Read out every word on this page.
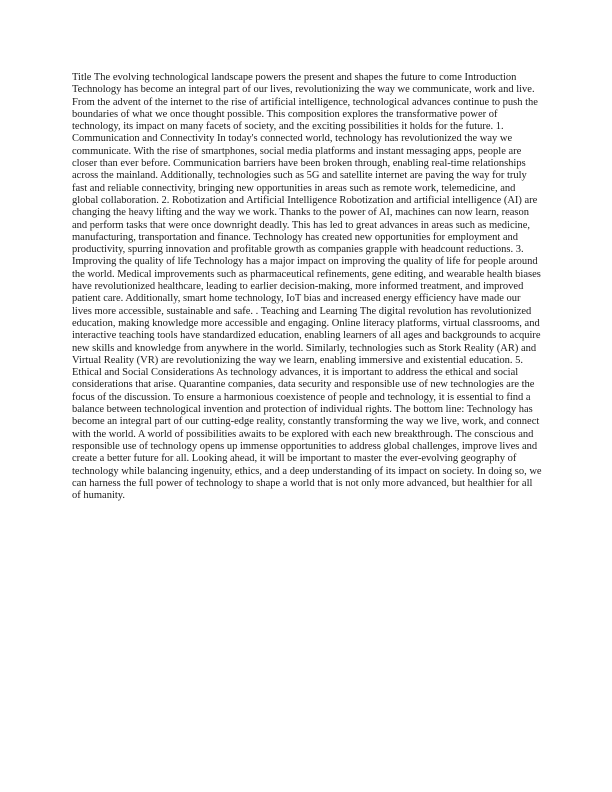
Title The evolving technological landscape powers the present and shapes the future to come Introduction Technology has become an integral part of our lives, revolutionizing the way we communicate, work and live. From the advent of the internet to the rise of artificial intelligence, technological advances continue to push the boundaries of what we once thought possible. This composition explores the transformative power of technology, its impact on many facets of society, and the exciting possibilities it holds for the future. 1. Communication and Connectivity In today's connected world, technology has revolutionized the way we communicate. With the rise of smartphones, social media platforms and instant messaging apps, people are closer than ever before. Communication barriers have been broken through, enabling real-time relationships across the mainland. Additionally, technologies such as 5G and satellite internet are paving the way for truly fast and reliable connectivity, bringing new opportunities in areas such as remote work, telemedicine, and global collaboration. 2. Robotization and Artificial Intelligence Robotization and artificial intelligence (AI) are changing the heavy lifting and the way we work. Thanks to the power of AI, machines can now learn, reason and perform tasks that were once downright deadly. This has led to great advances in areas such as medicine, manufacturing, transportation and finance. Technology has created new opportunities for employment and productivity, spurring innovation and profitable growth as companies grapple with headcount reductions. 3. Improving the quality of life Technology has a major impact on improving the quality of life for people around the world. Medical improvements such as pharmaceutical refinements, gene editing, and wearable health biases have revolutionized healthcare, leading to earlier decision-making, more informed treatment, and improved patient care. Additionally, smart home technology, IoT bias and increased energy efficiency have made our lives more accessible, sustainable and safe. . Teaching and Learning The digital revolution has revolutionized education, making knowledge more accessible and engaging. Online literacy platforms, virtual classrooms, and interactive teaching tools have standardized education, enabling learners of all ages and backgrounds to acquire new skills and knowledge from anywhere in the world. Similarly, technologies such as Stork Reality (AR) and Virtual Reality (VR) are revolutionizing the way we learn, enabling immersive and existential education. 5. Ethical and Social Considerations As technology advances, it is important to address the ethical and social considerations that arise. Quarantine companies, data security and responsible use of new technologies are the focus of the discussion. To ensure a harmonious coexistence of people and technology, it is essential to find a balance between technological invention and protection of individual rights. The bottom line: Technology has become an integral part of our cutting-edge reality, constantly transforming the way we live, work, and connect with the world. A world of possibilities awaits to be explored with each new breakthrough. The conscious and responsible use of technology opens up immense opportunities to address global challenges, improve lives and create a better future for all. Looking ahead, it will be important to master the ever-evolving geography of technology while balancing ingenuity, ethics, and a deep understanding of its impact on society. In doing so, we can harness the full power of technology to shape a world that is not only more advanced, but healthier for all of humanity.
